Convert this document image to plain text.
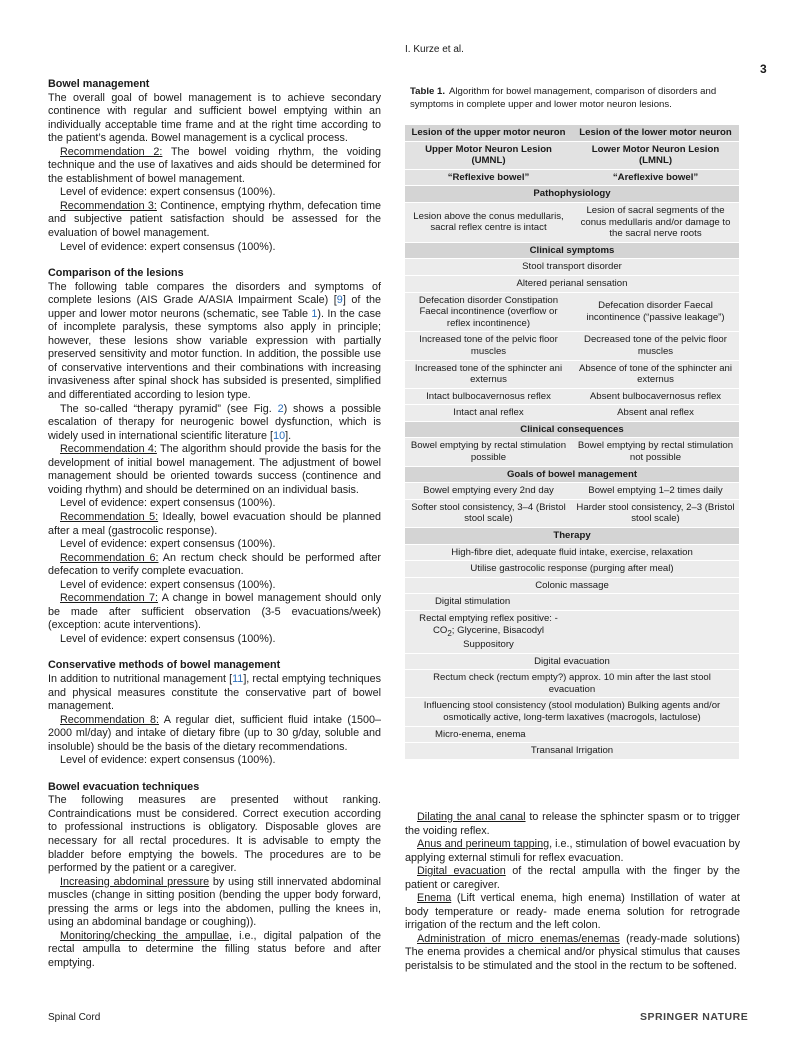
I. Kurze et al.
3
Bowel management

The overall goal of bowel management is to achieve secondary continence with regular and sufficient bowel emptying within an individually acceptable time frame and at the right time according to the patient’s agenda. Bowel management is a cyclical process.

Recommendation 2: The bowel voiding rhythm, the voiding technique and the use of laxatives and aids should be determined for the establishment of bowel management.

Level of evidence: expert consensus (100%).

Recommendation 3: Continence, emptying rhythm, defecation time and subjective patient satisfaction should be assessed for the evaluation of bowel management.

Level of evidence: expert consensus (100%).

Comparison of the lesions

The following table compares the disorders and symptoms of complete lesions (AIS Grade A/ASIA Impairment Scale) [9] of the upper and lower motor neurons (schematic, see Table 1). In the case of incomplete paralysis, these symptoms also apply in principle; however, these lesions show variable expression with partially preserved sensitivity and motor function. In addition, the possible use of conservative interventions and their combinations with increasing invasiveness after spinal shock has subsided is presented, simplified and differentiated according to lesion type.

The so-called “therapy pyramid” (see Fig. 2) shows a possible escalation of therapy for neurogenic bowel dysfunction, which is widely used in international scientific literature [10].

Recommendation 4: The algorithm should provide the basis for the development of initial bowel management. The adjustment of bowel management should be oriented towards success (continence and voiding rhythm) and should be determined on an individual basis.

Level of evidence: expert consensus (100%).

Recommendation 5: Ideally, bowel evacuation should be planned after a meal (gastrocolic response).

Level of evidence: expert consensus (100%).

Recommendation 6: An rectum check should be performed after defecation to verify complete evacuation.

Level of evidence: expert consensus (100%).

Recommendation 7: A change in bowel management should only be made after sufficient observation (3-5 evacuations/week) (exception: acute interventions).

Level of evidence: expert consensus (100%).

Conservative methods of bowel management

In addition to nutritional management [11], rectal emptying techniques and physical measures constitute the conservative part of bowel management.

Recommendation 8: A regular diet, sufficient fluid intake (1500–2000 ml/day) and intake of dietary fibre (up to 30 g/day, soluble and insoluble) should be the basis of the dietary recommendations.

Level of evidence: expert consensus (100%).

Bowel evacuation techniques

The following measures are presented without ranking. Contraindications must be considered. Correct execution according to professional instructions is obligatory. Disposable gloves are necessary for all rectal procedures. It is advisable to empty the bladder before emptying the bowels. The procedures are to be performed by the patient or a caregiver.

Increasing abdominal pressure by using still innervated abdominal muscles (change in sitting position (bending the upper body forward, pressing the arms or legs into the abdomen, pulling the knees in, using an abdominal bandage or coughing)).

Monitoring/checking the ampullae, i.e., digital palpation of the rectal ampulla to determine the filling status before and after emptying.

Table 1. Algorithm for bowel management, comparison of disorders and symptoms in complete upper and lower motor neuron lesions.
Lesion of the upper motor neuron	Lesion of the lower motor neuron
Upper Motor Neuron Lesion (UMNL)	Lower Motor Neuron Lesion (LMNL)
“Reflexive bowel”	“Areflexive bowel”
Pathophysiology	
Lesion above the conus medullaris, sacral reflex centre is intact	Lesion of sacral segments of the conus medullaris and/or damage to the sacral nerve roots
Clinical symptoms	
Stool transport disorder	
Altered perianal sensation	
Defecation disorder Constipation Faecal incontinence (overflow or reflex incontinence)	Defecation disorder Faecal incontinence (“passive leakage”)
Increased tone of the pelvic floor muscles	Decreased tone of the pelvic floor muscles
Increased tone of the sphincter ani externus	Absence of tone of the sphincter ani externus
Intact bulbocavernosus reflex	Absent bulbocavernosus reflex
Intact anal reflex	Absent anal reflex
Clinical consequences	
Bowel emptying by rectal stimulation possible	Bowel emptying by rectal stimulation not possible
Goals of bowel management	
Bowel emptying every 2nd day	Bowel emptying 1–2 times daily
Softer stool consistency, 3–4 (Bristol stool scale)	Harder stool consistency, 2–3 (Bristol stool scale)
Therapy	
High-fibre diet, adequate fluid intake, exercise, relaxation	
Utilise gastrocolic response (purging after meal)	
Colonic massage	
Digital stimulation	
Rectal emptying reflex positive: - $CO_2$; Glycerine, Bisacodyl Suppository	
Digital evacuation	
Rectum check (rectum empty?) approx. 10 min after the last stool evacuation	
Influencing stool consistency (stool modulation) Bulking agents and/or osmotically active, long-term laxatives (macrogols, lactulose)	
Micro-enema, enema	
Transanal Irrigation	

Dilating the anal canal to release the sphincter spasm or to trigger the voiding reflex.

Anus and perineum tapping, i.e., stimulation of bowel evacuation by applying external stimuli for reflex evacuation.

Digital evacuation of the rectal ampulla with the finger by the patient or caregiver.

Enema (Lift vertical enema, high enema) Instillation of water at body temperature or ready- made enema solution for retrograde irrigation of the rectum and the left colon.

Administration of micro enemas/enemas (ready-made solutions) The enema provides a chemical and/or physical stimulus that causes peristalsis to be stimulated and the stool in the rectum to be softened.

Spinal Cord	SPRINGER NATURE
